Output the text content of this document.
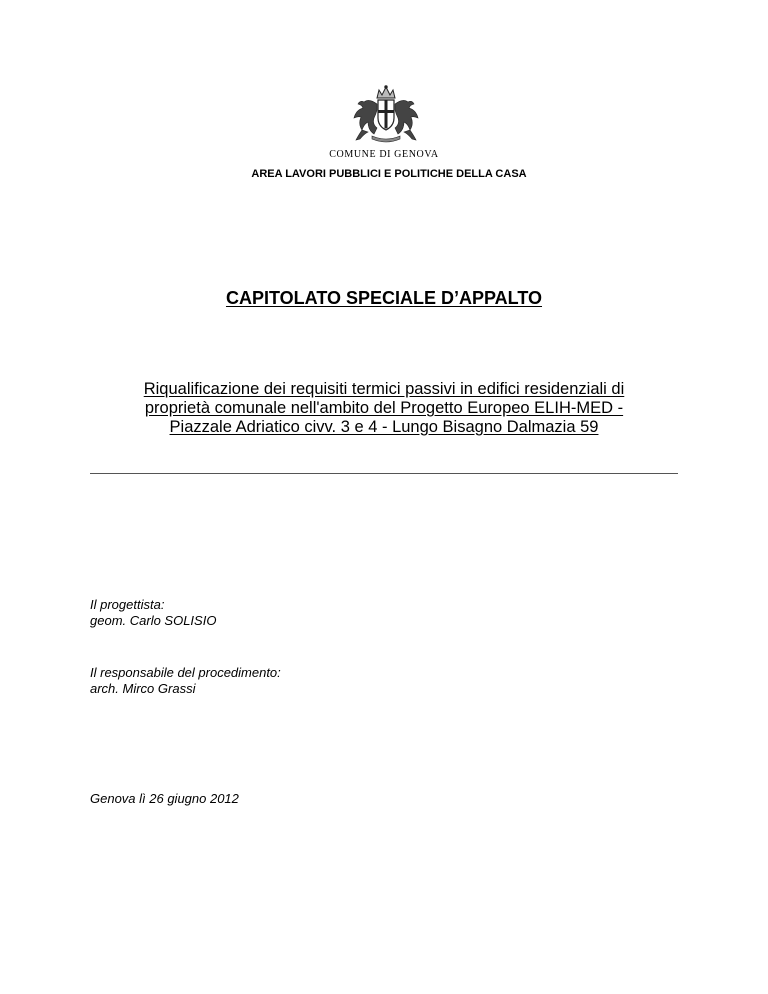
COMUNE DI GENOVA
AREA LAVORI PUBBLICI E POLITICHE DELLA CASA
CAPITOLATO SPECIALE D’APPALTO
Riqualificazione dei requisiti termici passivi in edifici residenziali di
proprietà comunale nell'ambito del Progetto Europeo ELIH-MED -
Piazzale Adriatico civv. 3 e 4 - Lungo Bisagno Dalmazia 59
Il progettista:
geom. Carlo SOLISIO
Il responsabile del procedimento:
arch. Mirco Grassi
Genova lì 26 giugno 2012
